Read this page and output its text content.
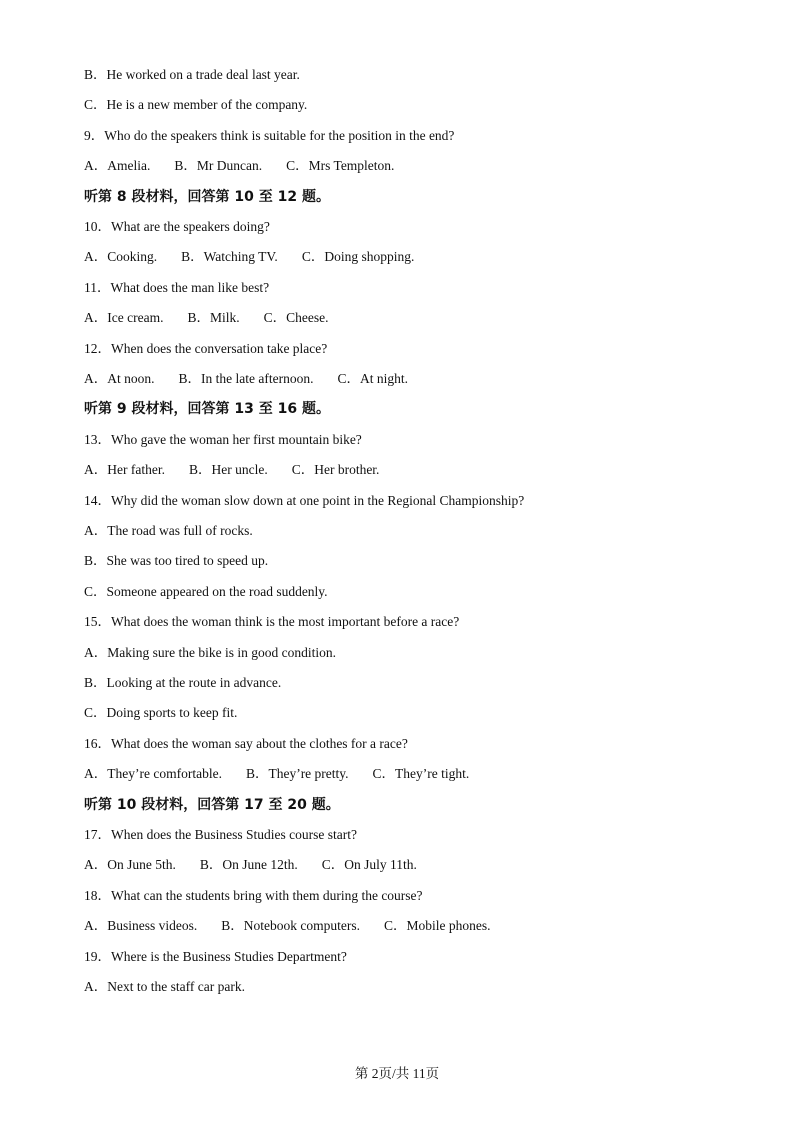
B．He worked on a trade deal last year.
C．He is a new member of the company.
9．Who do the speakers think is suitable for the position in the end?
A．Amelia. B．Mr Duncan. C．Mrs Templeton.
听第 8 段材料，回答第 10 至 12 题。
10．What are the speakers doing?
A．Cooking. B．Watching TV. C．Doing shopping.
11．What does the man like best?
A．Ice cream. B．Milk. C．Cheese.
12．When does the conversation take place?
A．At noon. B．In the late afternoon. C．At night.
听第 9 段材料，回答第 13 至 16 题。
13．Who gave the woman her first mountain bike?
A．Her father. B．Her uncle. C．Her brother.
14．Why did the woman slow down at one point in the Regional Championship?
A．The road was full of rocks.
B．She was too tired to speed up.
C．Someone appeared on the road suddenly.
15．What does the woman think is the most important before a race?
A．Making sure the bike is in good condition.
B．Looking at the route in advance.
C．Doing sports to keep fit.
16．What does the woman say about the clothes for a race?
A．They’re comfortable. B．They’re pretty. C．They’re tight.
听第 10 段材料，回答第 17 至 20 题。
17．When does the Business Studies course start?
A．On June 5th. B．On June 12th. C．On July 11th.
18．What can the students bring with them during the course?
A．Business videos. B．Notebook computers. C．Mobile phones.
19．Where is the Business Studies Department?
A．Next to the staff car park.
第 2页/共 11页
